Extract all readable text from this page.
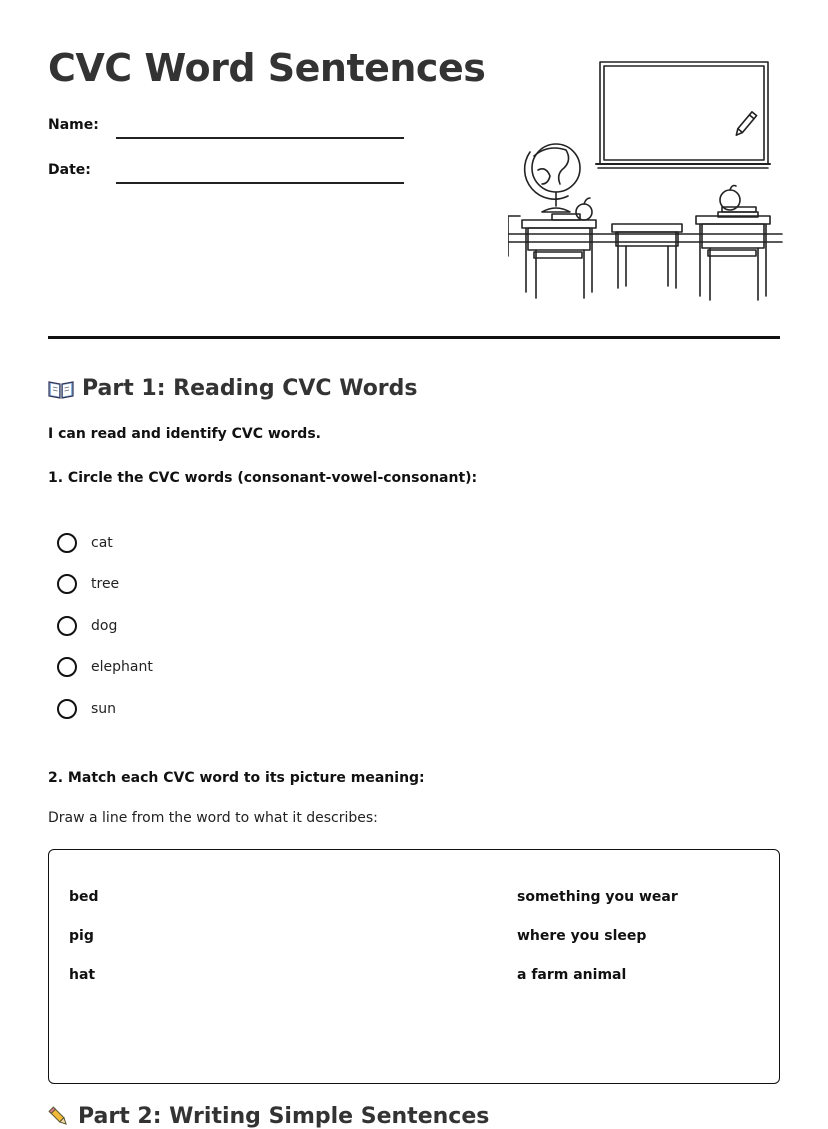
CVC Word Sentences
Name:
Date:
Part 1: Reading CVC Words

I can read and identify CVC words.

1. Circle the CVC words (consonant-vowel-consonant):

cat
tree
dog
elephant
sun

2. Match each CVC word to its picture meaning:

Draw a line from the word to what it describes:

bed
pig
hat
something you wear
where you sleep
a farm animal
Part 2: Writing Simple Sentences
